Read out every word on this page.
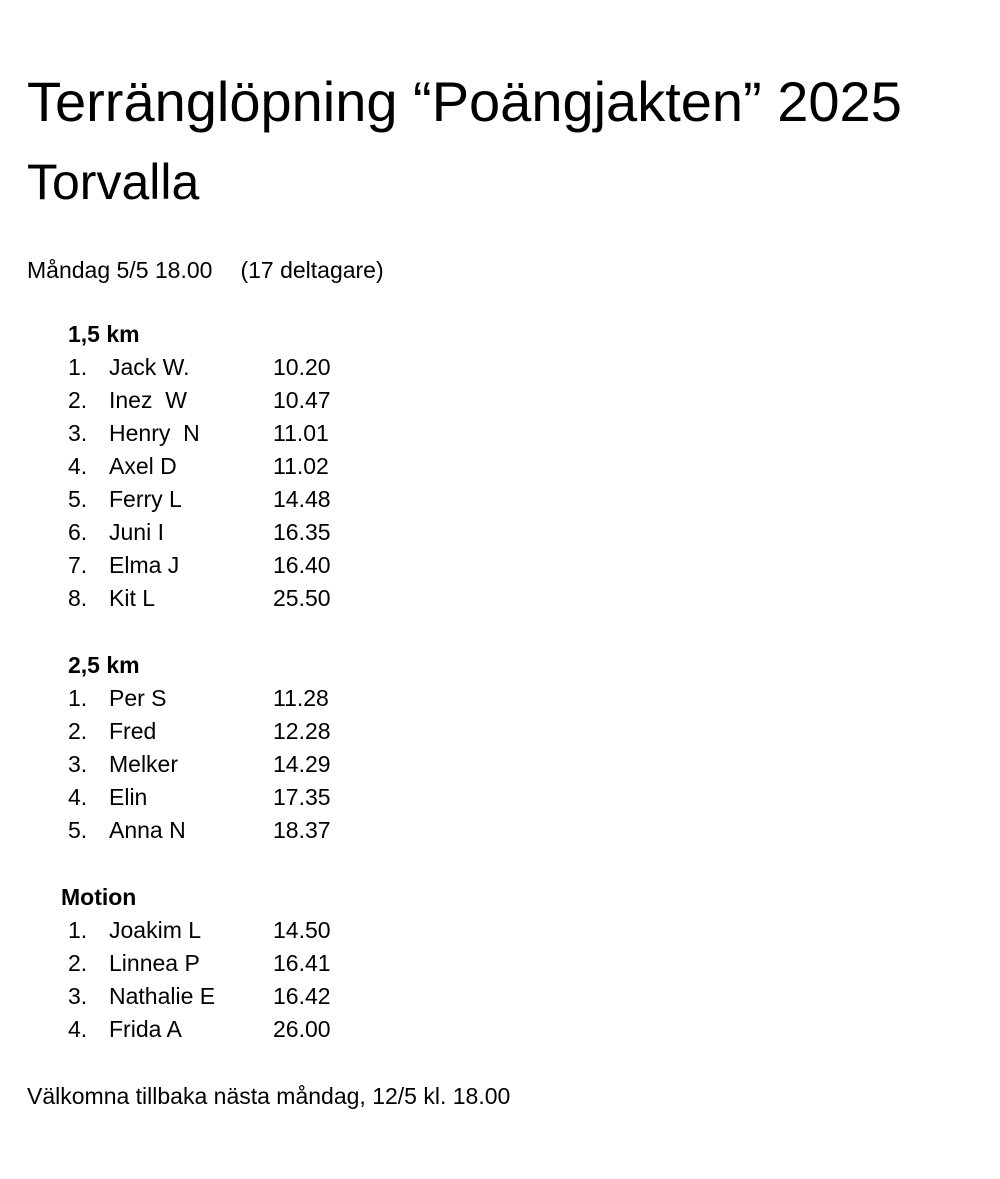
Terränglöpning “Poängjakten” 2025
Torvalla
Måndag 5/5 18.00 (17 deltagare)
1,5 km
1. Jack W.	10.20
2. Inez  W	10.47
3. Henry  N	11.01
4. Axel D	11.02
5. Ferry L	14.48
6. Juni I	16.35
7. Elma J	16.40
8. Kit L	25.50
2,5 km
1. Per S	11.28
2. Fred	12.28
3. Melker	14.29
4. Elin	17.35
5. Anna N	18.37
Motion
1. Joakim L	14.50
2. Linnea P	16.41
3. Nathalie E	16.42
4. Frida A	26.00
Välkomna tillbaka nästa måndag, 12/5 kl. 18.00
